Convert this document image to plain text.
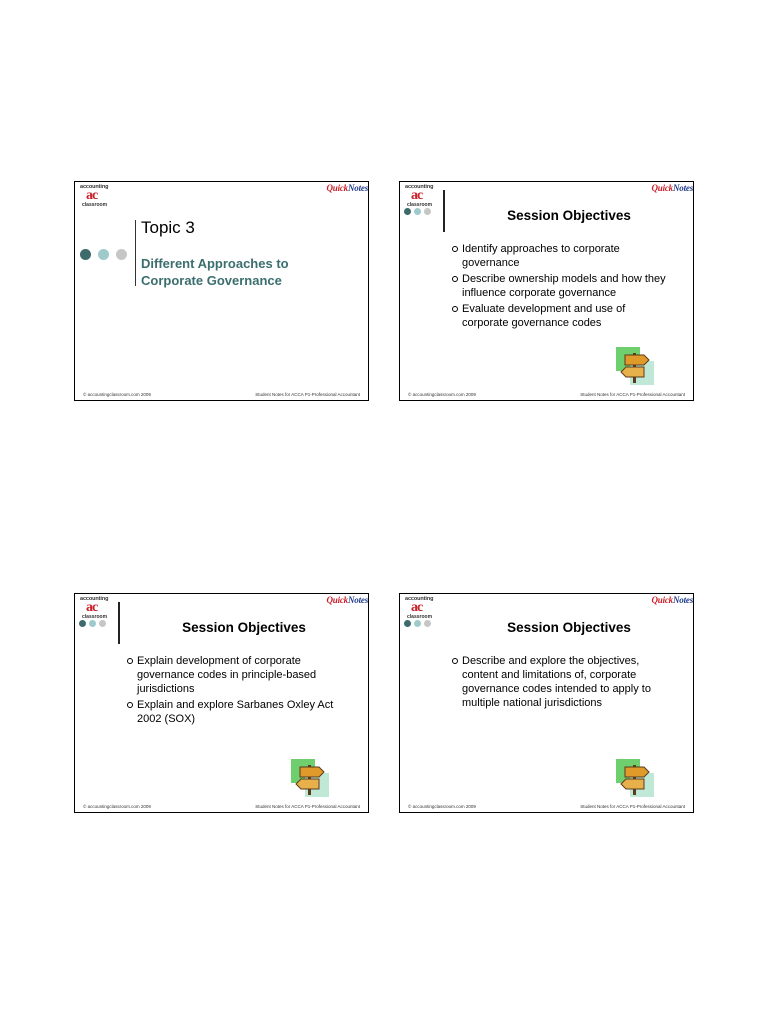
accounting
ac
classroom
QuickNotes
Topic 3
Different Approaches to Corporate Governance
© accountingclassroom.com 2009	Student Notes for ACCA P1-Professional Accountant
accounting
ac
classroom
QuickNotes
Session Objectives
Identify approaches to corporate governance
Describe ownership models and how they influence corporate governance
Evaluate development and use of corporate governance codes
© accountingclassroom.com 2009	Student Notes for ACCA P1-Professional Accountant
accounting
ac
classroom
QuickNotes
Session Objectives
Explain development of corporate governance codes in principle-based jurisdictions
Explain and explore Sarbanes Oxley Act 2002 (SOX)
© accountingclassroom.com 2009	Student Notes for ACCA P1-Professional Accountant
accounting
ac
classroom
QuickNotes
Session Objectives
Describe and explore the objectives, content and limitations of, corporate governance codes intended to apply to multiple national jurisdictions
© accountingclassroom.com 2009	Student Notes for ACCA P1-Professional Accountant
